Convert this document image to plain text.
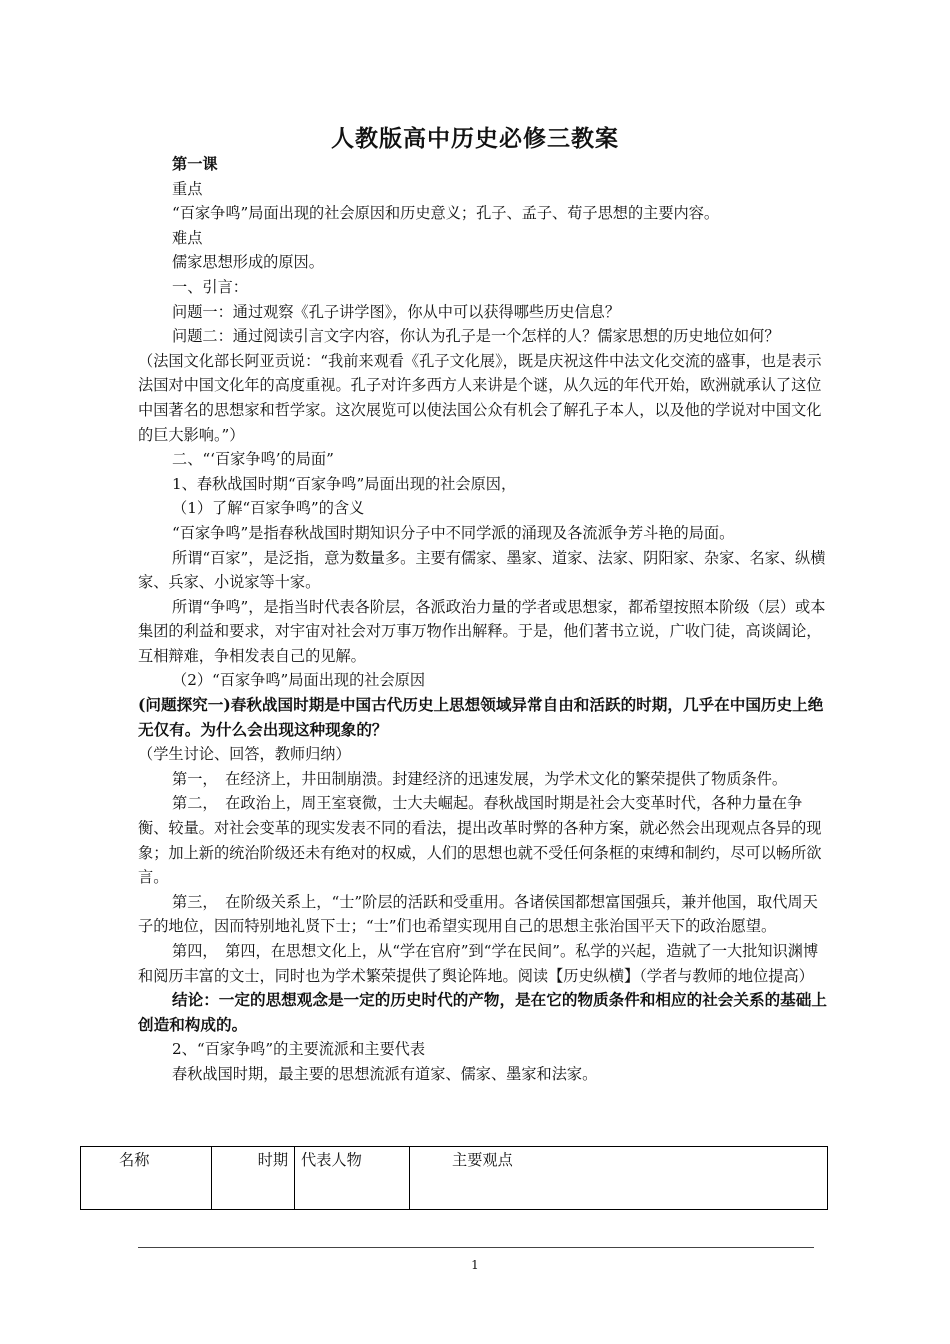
人教版高中历史必修三教案

第一课

重点

“百家争鸣”局面出现的社会原因和历史意义；孔子、孟子、荀子思想的主要内容。

难点

儒家思想形成的原因。

一、引言：

问题一：通过观察《孔子讲学图》，你从中可以获得哪些历史信息？

问题二：通过阅读引言文字内容，你认为孔子是一个怎样的人？儒家思想的历史地位如何？

（法国文化部长阿亚贡说：“我前来观看《孔子文化展》，既是庆祝这件中法文化交流的盛事，也是表示法国对中国文化年的高度重视。孔子对许多西方人来讲是个谜，从久远的年代开始，欧洲就承认了这位中国著名的思想家和哲学家。这次展览可以使法国公众有机会了解孔子本人，以及他的学说对中国文化的巨大影响。”）

二、“‘百家争鸣’的局面”

1、春秋战国时期“百家争鸣”局面出现的社会原因，

（1）了解“百家争鸣”的含义

“百家争鸣”是指春秋战国时期知识分子中不同学派的涌现及各流派争芳斗艳的局面。

所谓“百家”，是泛指，意为数量多。主要有儒家、墨家、道家、法家、阴阳家、杂家、名家、纵横家、兵家、小说家等十家。

所谓“争鸣”，是指当时代表各阶层，各派政治力量的学者或思想家，都希望按照本阶级（层）或本集团的利益和要求，对宇宙对社会对万事万物作出解释。于是，他们著书立说，广收门徒，高谈阔论，互相辩难，争相发表自己的见解。

（2）“百家争鸣”局面出现的社会原因

(问题探究一)春秋战国时期是中国古代历史上思想领域异常自由和活跃的时期，几乎在中国历史上绝无仅有。为什么会出现这种现象的？

（学生讨论、回答，教师归纳）

第一，　在经济上，井田制崩溃。封建经济的迅速发展，为学术文化的繁荣提供了物质条件。

第二，　在政治上，周王室衰微，士大夫崛起。春秋战国时期是社会大变革时代，各种力量在争衡、较量。对社会变革的现实发表不同的看法，提出改革时弊的各种方案，就必然会出现观点各异的现象；加上新的统治阶级还未有绝对的权威，人们的思想也就不受任何条框的束缚和制约，尽可以畅所欲言。

第三，　在阶级关系上，“士”阶层的活跃和受重用。各诸侯国都想富国强兵，兼并他国，取代周天子的地位，因而特别地礼贤下士；“士”们也希望实现用自己的思想主张治国平天下的政治愿望。

第四，　第四，在思想文化上，从“学在官府”到“学在民间”。私学的兴起，造就了一大批知识渊博和阅历丰富的文士，同时也为学术繁荣提供了舆论阵地。阅读【历史纵横】（学者与教师的地位提高）

结论：一定的思想观念是一定的历史时代的产物，是在它的物质条件和相应的社会关系的基础上创造和构成的。

2、“百家争鸣”的主要流派和主要代表

春秋战国时期，最主要的思想流派有道家、儒家、墨家和法家。

名称	时期	代表人物	主要观点
1
